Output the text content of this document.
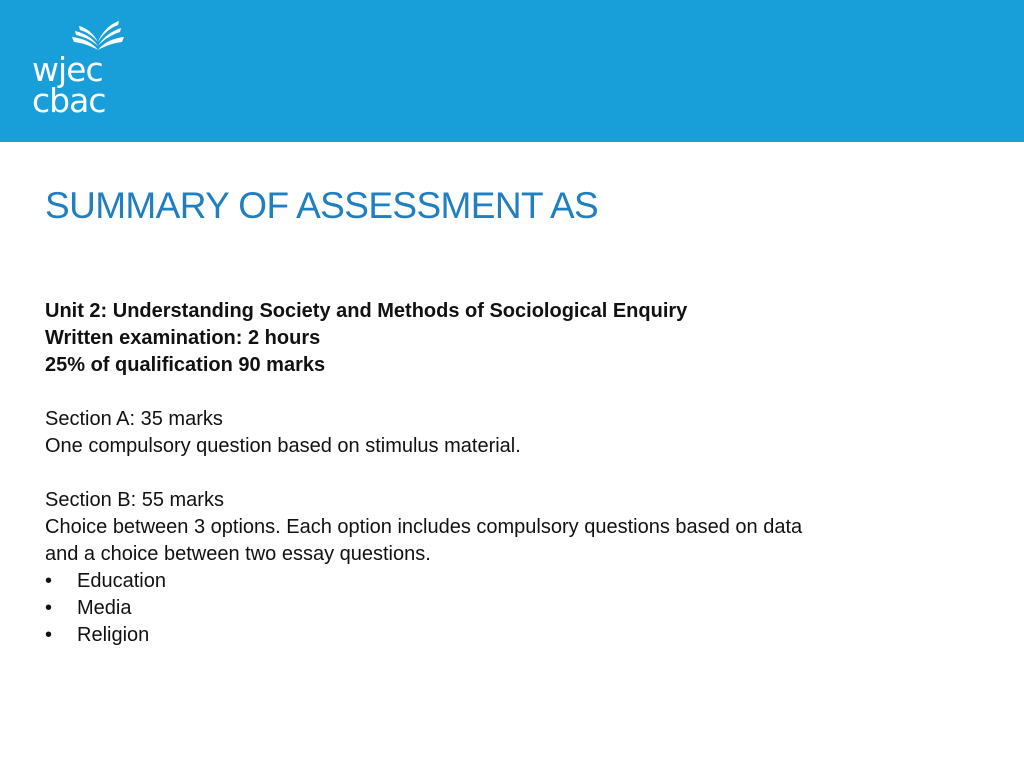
wjec
cbac
SUMMARY OF ASSESSMENT AS

Unit 2: Understanding Society and Methods of Sociological Enquiry

Written examination: 2 hours

25% of qualification 90 marks

Section A: 35 marks

One compulsory question based on stimulus material.

Section B: 55 marks

Choice between 3 options. Each option includes compulsory questions based on data

and a choice between two essay questions.

• Education
• Media
• Religion
